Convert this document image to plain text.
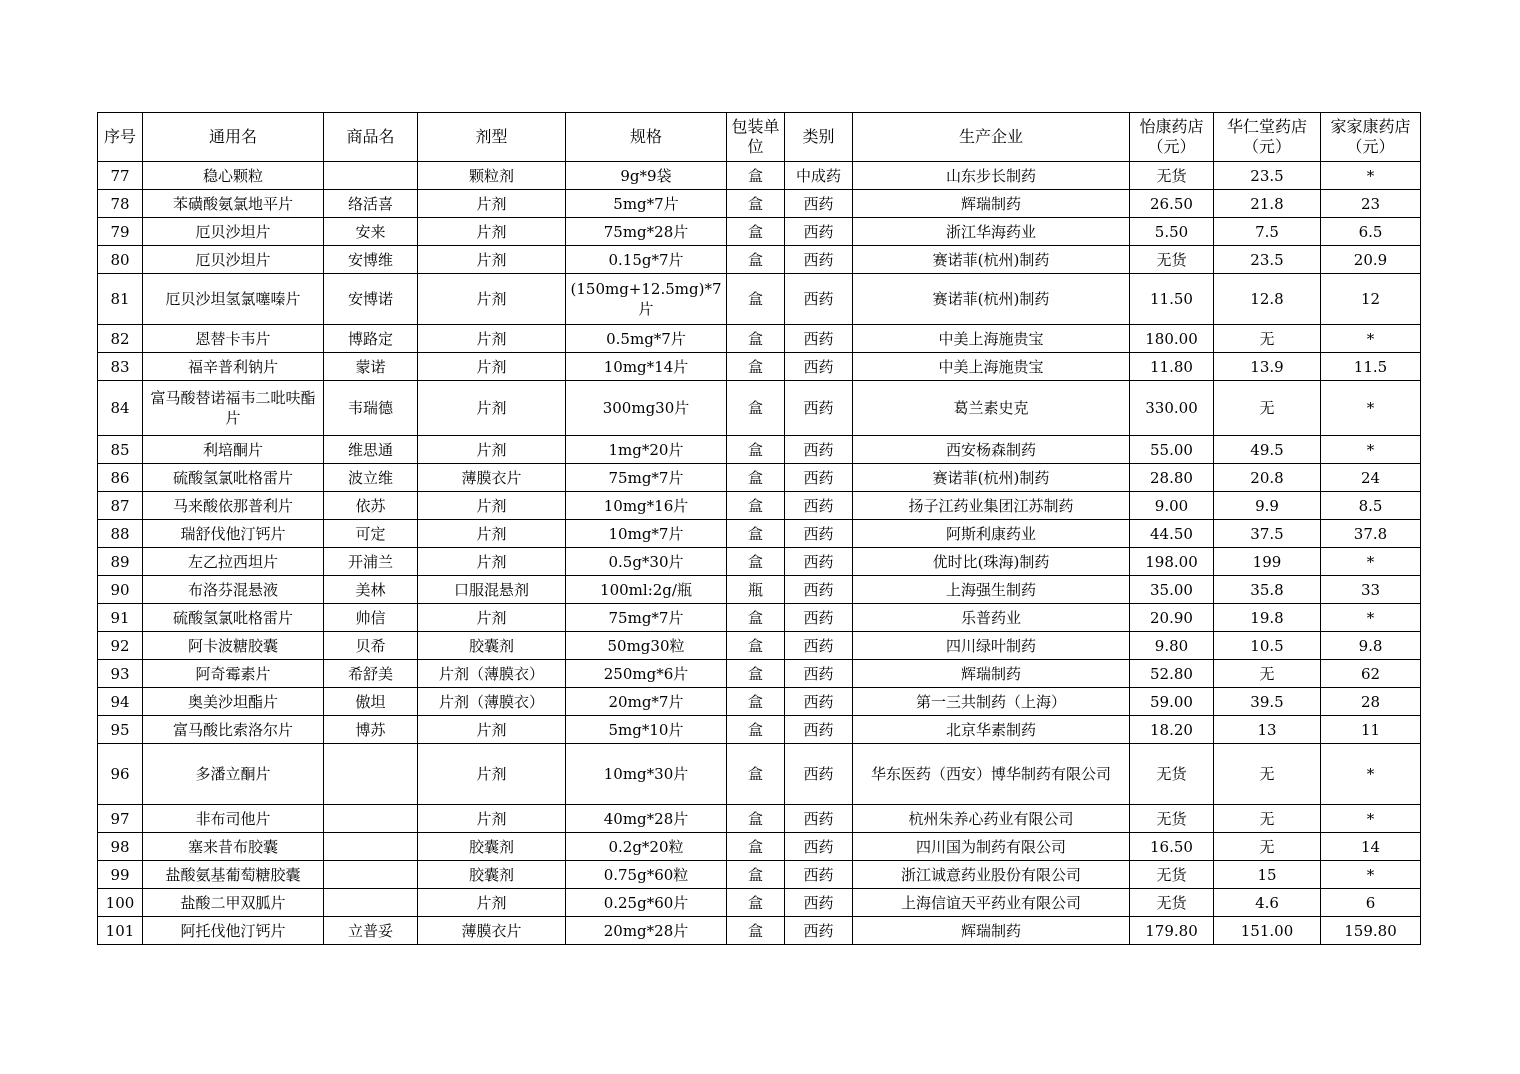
序号	通用名	商品名	剂型	规格	包装单位	类别	生产企业	怡康药店（元）	华仁堂药店（元）	家家康药店（元）
77	稳心颗粒		颗粒剂	9g*9袋	盒	中成药	山东步长制药	无货	23.5	*
78	苯磺酸氨氯地平片	络活喜	片剂	5mg*7片	盒	西药	辉瑞制药	26.50	21.8	23
79	厄贝沙坦片	安来	片剂	75mg*28片	盒	西药	浙江华海药业	5.50	7.5	6.5
80	厄贝沙坦片	安博维	片剂	0.15g*7片	盒	西药	赛诺菲(杭州)制药	无货	23.5	20.9
81	厄贝沙坦氢氯噻嗪片	安博诺	片剂	(150mg+12.5mg)*7片	盒	西药	赛诺菲(杭州)制药	11.50	12.8	12
82	恩替卡韦片	博路定	片剂	0.5mg*7片	盒	西药	中美上海施贵宝	180.00	无	*
83	福辛普利钠片	蒙诺	片剂	10mg*14片	盒	西药	中美上海施贵宝	11.80	13.9	11.5
84	富马酸替诺福韦二吡呋酯片	韦瑞德	片剂	300mg30片	盒	西药	葛兰素史克	330.00	无	*
85	利培酮片	维思通	片剂	1mg*20片	盒	西药	西安杨森制药	55.00	49.5	*
86	硫酸氢氯吡格雷片	波立维	薄膜衣片	75mg*7片	盒	西药	赛诺菲(杭州)制药	28.80	20.8	24
87	马来酸依那普利片	依苏	片剂	10mg*16片	盒	西药	扬子江药业集团江苏制药	9.00	9.9	8.5
88	瑞舒伐他汀钙片	可定	片剂	10mg*7片	盒	西药	阿斯利康药业	44.50	37.5	37.8
89	左乙拉西坦片	开浦兰	片剂	0.5g*30片	盒	西药	优时比(珠海)制药	198.00	199	*
90	布洛芬混悬液	美林	口服混悬剂	100ml:2g/瓶	瓶	西药	上海强生制药	35.00	35.8	33
91	硫酸氢氯吡格雷片	帅信	片剂	75mg*7片	盒	西药	乐普药业	20.90	19.8	*
92	阿卡波糖胶囊	贝希	胶囊剂	50mg30粒	盒	西药	四川绿叶制药	9.80	10.5	9.8
93	阿奇霉素片	希舒美	片剂（薄膜衣）	250mg*6片	盒	西药	辉瑞制药	52.80	无	62
94	奥美沙坦酯片	傲坦	片剂（薄膜衣）	20mg*7片	盒	西药	第一三共制药（上海）	59.00	39.5	28
95	富马酸比索洛尔片	博苏	片剂	5mg*10片	盒	西药	北京华素制药	18.20	13	11
96	多潘立酮片		片剂	10mg*30片	盒	西药	华东医药（西安）博华制药有限公司	无货	无	*
97	非布司他片		片剂	40mg*28片	盒	西药	杭州朱养心药业有限公司	无货	无	*
98	塞来昔布胶囊		胶囊剂	0.2g*20粒	盒	西药	四川国为制药有限公司	16.50	无	14
99	盐酸氨基葡萄糖胶囊		胶囊剂	0.75g*60粒	盒	西药	浙江诚意药业股份有限公司	无货	15	*
100	盐酸二甲双胍片		片剂	0.25g*60片	盒	西药	上海信谊天平药业有限公司	无货	4.6	6
101	阿托伐他汀钙片	立普妥	薄膜衣片	20mg*28片	盒	西药	辉瑞制药	179.80	151.00	159.80
